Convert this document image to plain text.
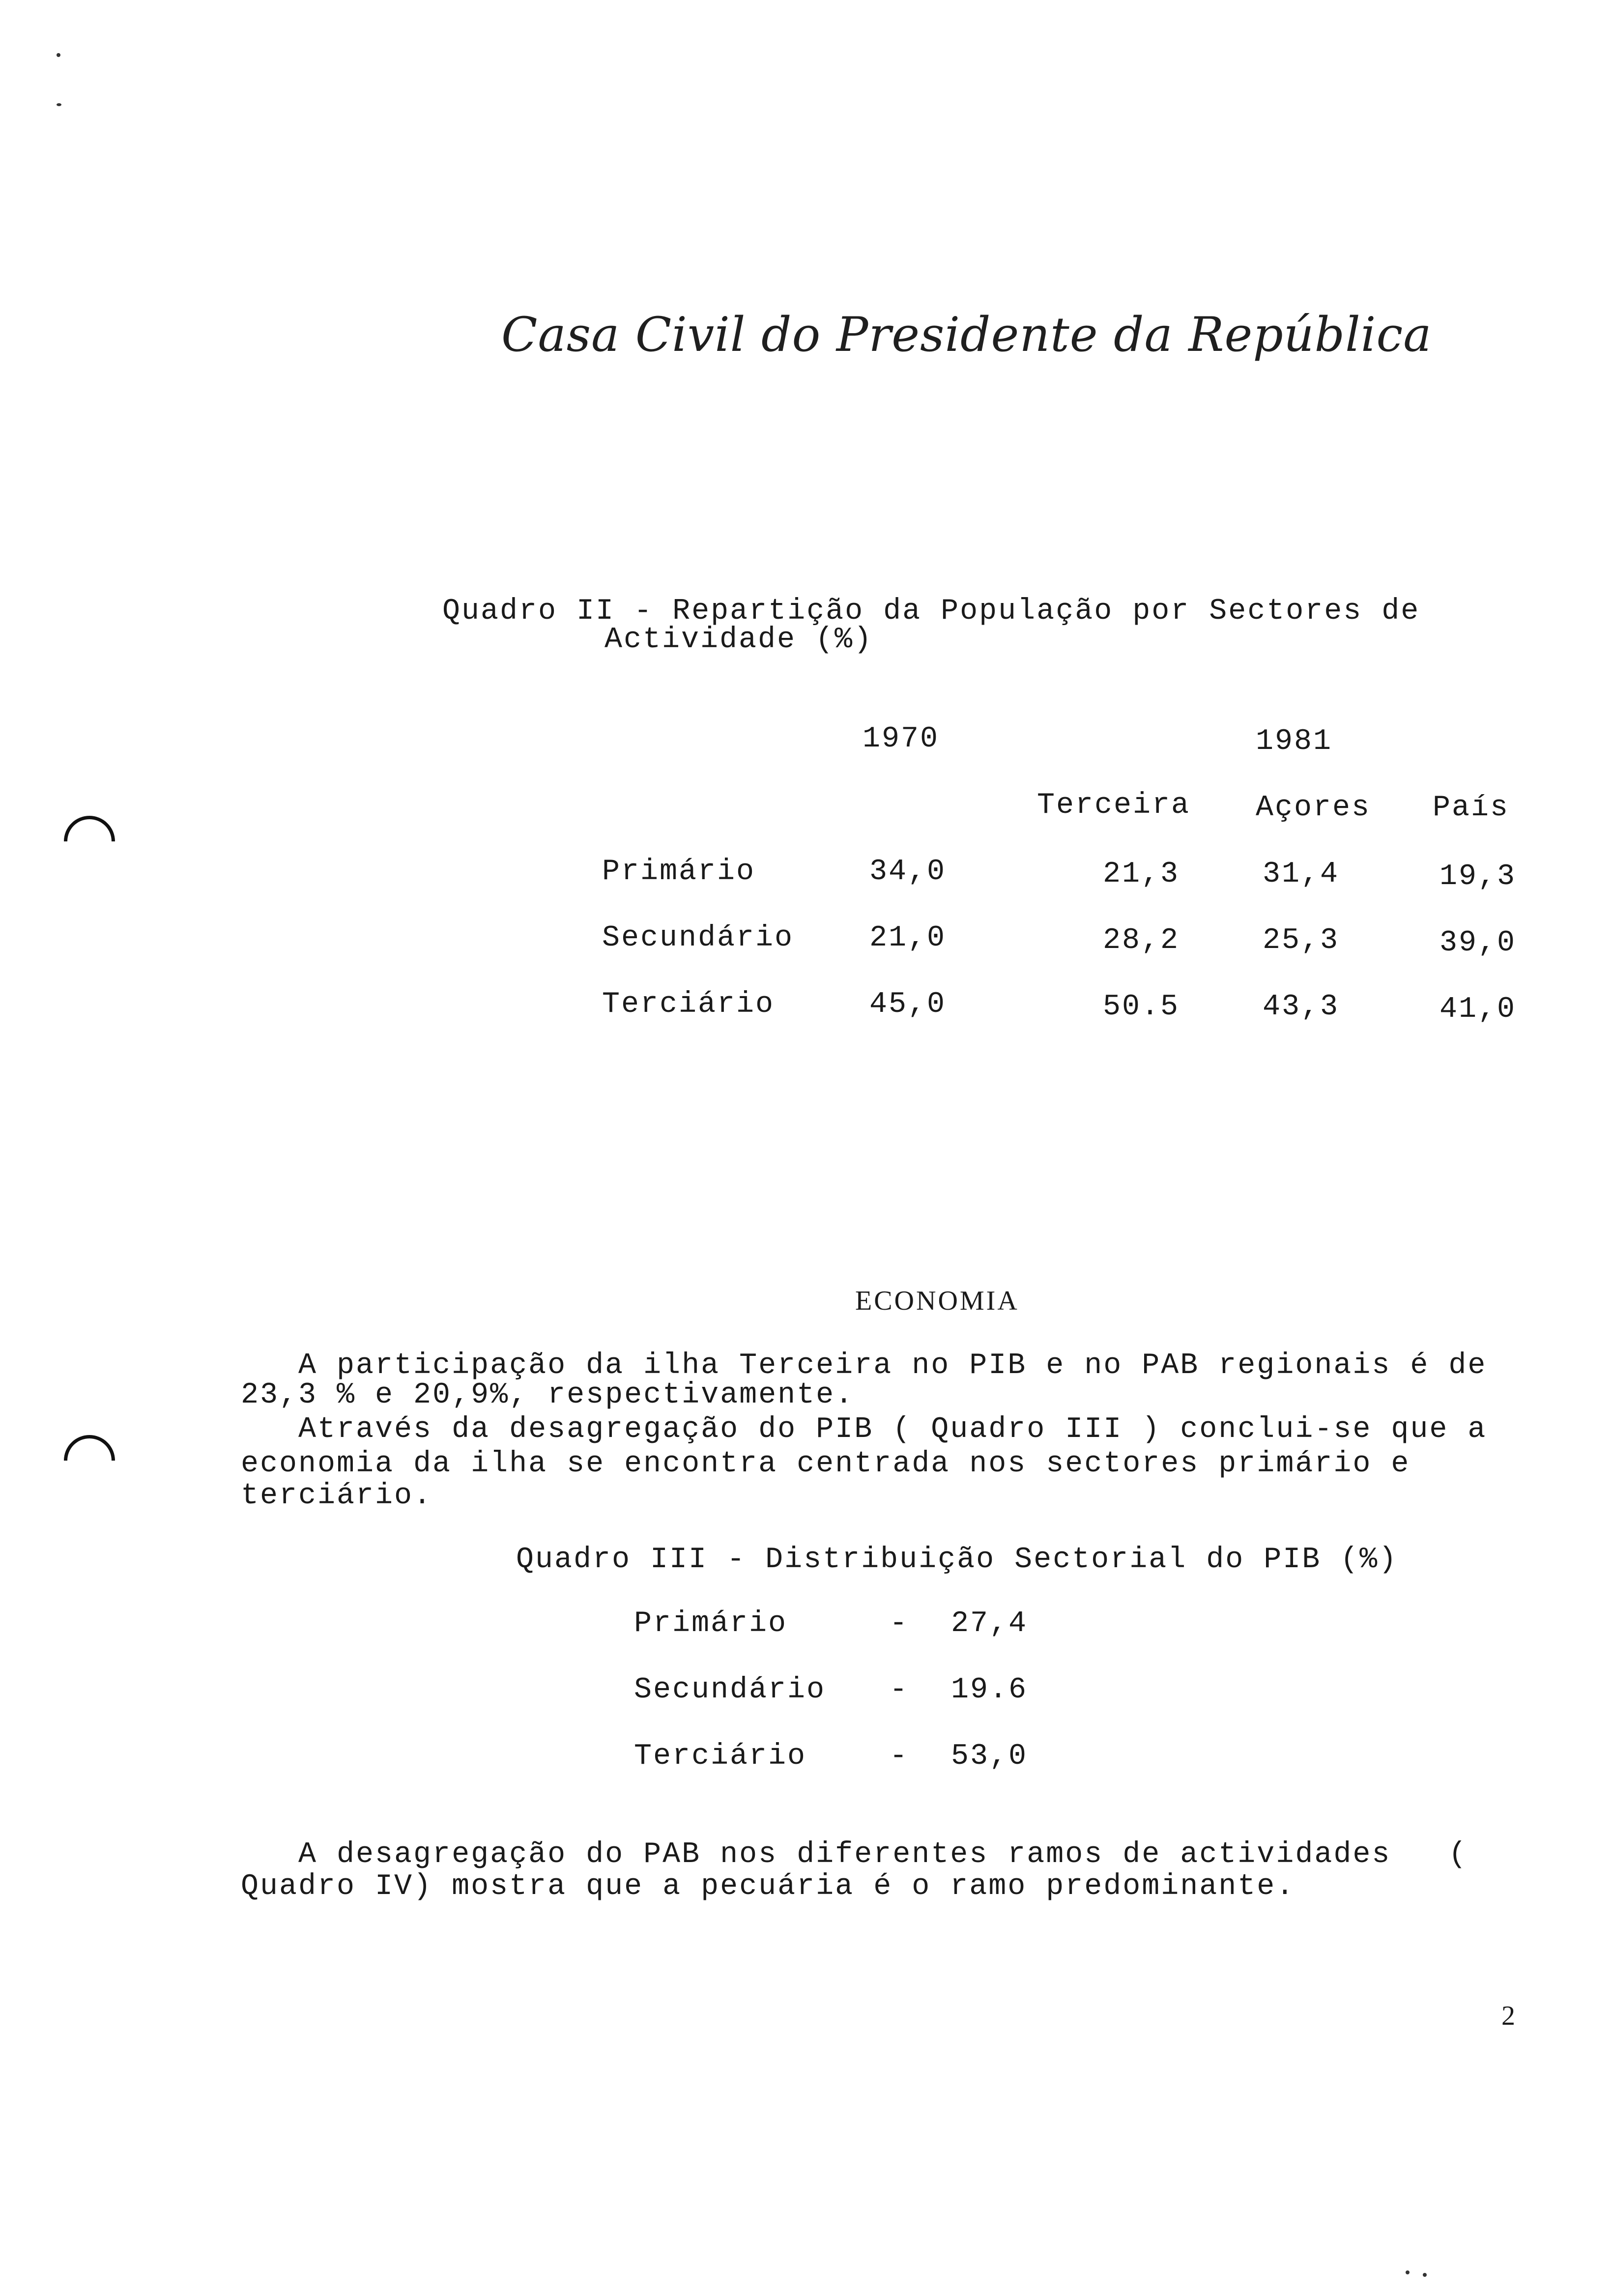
Casa Civil do Presidente da República
Quadro II - Repartição da População por Sectores de
Actividade (%)
1970	1981
Terceira Açores País
Primário	34,0	21,3	31,4	19,3
Secundário	21,0	28,2	25,3	39,0
Terciário	45,0	50.5	43,3	41,0
ECONOMIA
A participação da ilha Terceira no PIB e no PAB regionais é de
23,3 % e 20,9%, respectivamente.
Através da desagregação do PIB ( Quadro III ) conclui-se que a
economia da ilha se encontra centrada nos sectores primário e
terciário.
Quadro III - Distribuição Sectorial do PIB (%)
Primário	- 27,4
Secundário - 19.6
Terciário	- 53,0
A desagregação do PAB nos diferentes ramos de actividades   (
Quadro IV) mostra que a pecuária é o ramo predominante.
2
